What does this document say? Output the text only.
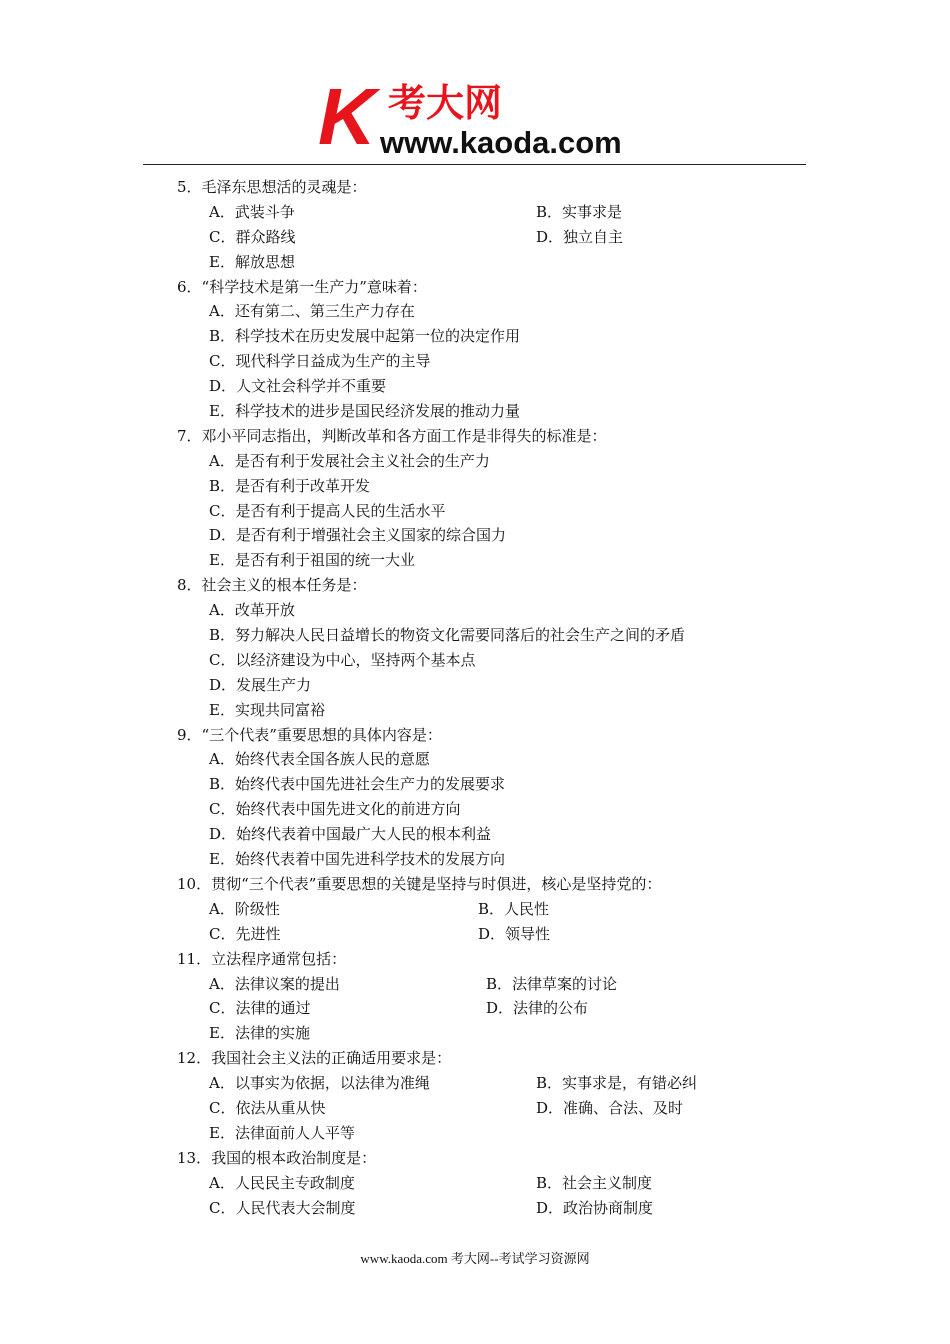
K 考大网
www.kaoda.com
5．毛泽东思想活的灵魂是：
A．武装斗争	B．实事求是
C．群众路线	D．独立自主
E．解放思想
6．“科学技术是第一生产力”意味着：
A．还有第二、第三生产力存在
B．科学技术在历史发展中起第一位的决定作用
C．现代科学日益成为生产的主导
D．人文社会科学并不重要
E．科学技术的进步是国民经济发展的推动力量
7．邓小平同志指出，判断改革和各方面工作是非得失的标准是：
A．是否有利于发展社会主义社会的生产力
B．是否有利于改革开发
C．是否有利于提高人民的生活水平
D．是否有利于增强社会主义国家的综合国力
E．是否有利于祖国的统一大业
8．社会主义的根本任务是：
A．改革开放
B．努力解决人民日益增长的物资文化需要同落后的社会生产之间的矛盾
C．以经济建设为中心，坚持两个基本点
D．发展生产力
E．实现共同富裕
9．“三个代表”重要思想的具体内容是：
A．始终代表全国各族人民的意愿
B．始终代表中国先进社会生产力的发展要求
C．始终代表中国先进文化的前进方向
D．始终代表着中国最广大人民的根本利益
E．始终代表着中国先进科学技术的发展方向
10．贯彻“三个代表”重要思想的关键是坚持与时俱进，核心是坚持党的：
A．阶级性	B．人民性
C．先进性	D．领导性
11．立法程序通常包括：
A．法律议案的提出	B．法律草案的讨论
C．法律的通过	D．法律的公布
E．法律的实施
12．我国社会主义法的正确适用要求是：
A．以事实为依据，以法律为准绳	B．实事求是，有错必纠
C．依法从重从快	D．准确、合法、及时
E．法律面前人人平等
13．我国的根本政治制度是：
A．人民民主专政制度	B．社会主义制度
C．人民代表大会制度	D．政治协商制度
www.kaoda.com 考大网--考试学习资源网
